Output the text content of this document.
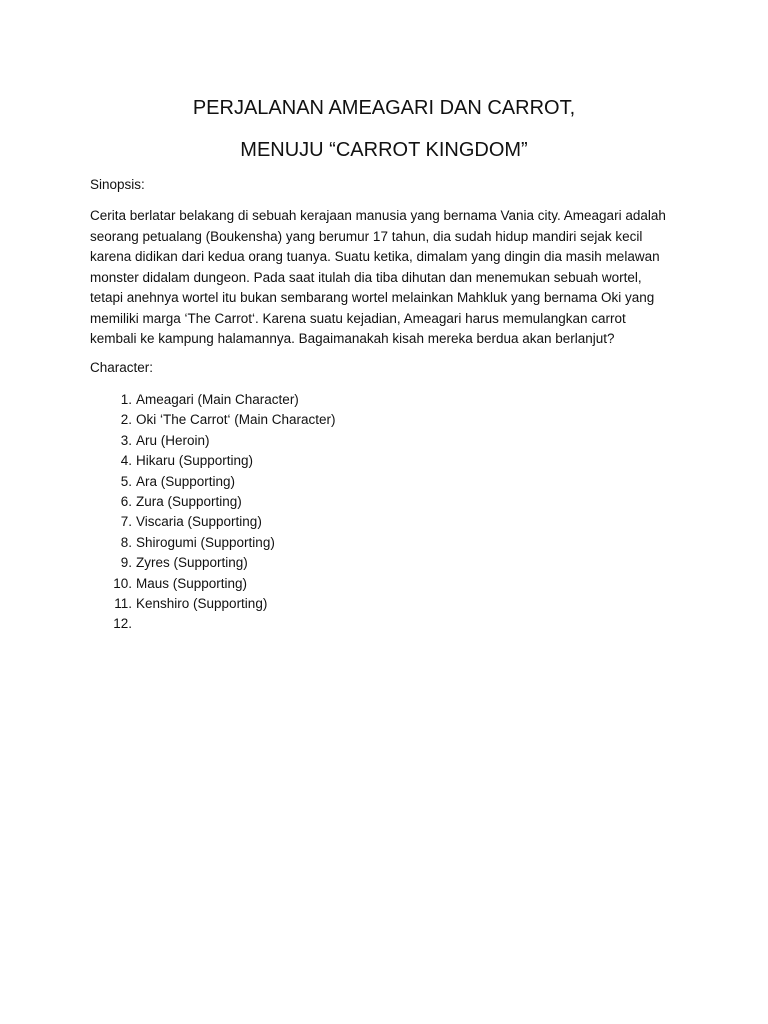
PERJALANAN AMEAGARI DAN CARROT,
MENUJU “CARROT KINGDOM”
Sinopsis:
Cerita berlatar belakang di sebuah kerajaan manusia yang bernama Vania city. Ameagari adalah
seorang petualang (Boukensha) yang berumur 17 tahun, dia sudah hidup mandiri sejak kecil
karena didikan dari kedua orang tuanya. Suatu ketika, dimalam yang dingin dia masih melawan
monster didalam dungeon. Pada saat itulah dia tiba dihutan dan menemukan sebuah wortel,
tetapi anehnya wortel itu bukan sembarang wortel melainkan Mahkluk yang bernama Oki yang
memiliki marga ‘The Carrot‘. Karena suatu kejadian, Ameagari harus memulangkan carrot
kembali ke kampung halamannya. Bagaimanakah kisah mereka berdua akan berlanjut?
Character:
1. Ameagari (Main Character)
2. Oki ‘The Carrot‘ (Main Character)
3. Aru (Heroin)
4. Hikaru (Supporting)
5. Ara (Supporting)
6. Zura (Supporting)
7. Viscaria (Supporting)
8. Shirogumi (Supporting)
9. Zyres (Supporting)
10. Maus (Supporting)
11. Kenshiro (Supporting)
12.
